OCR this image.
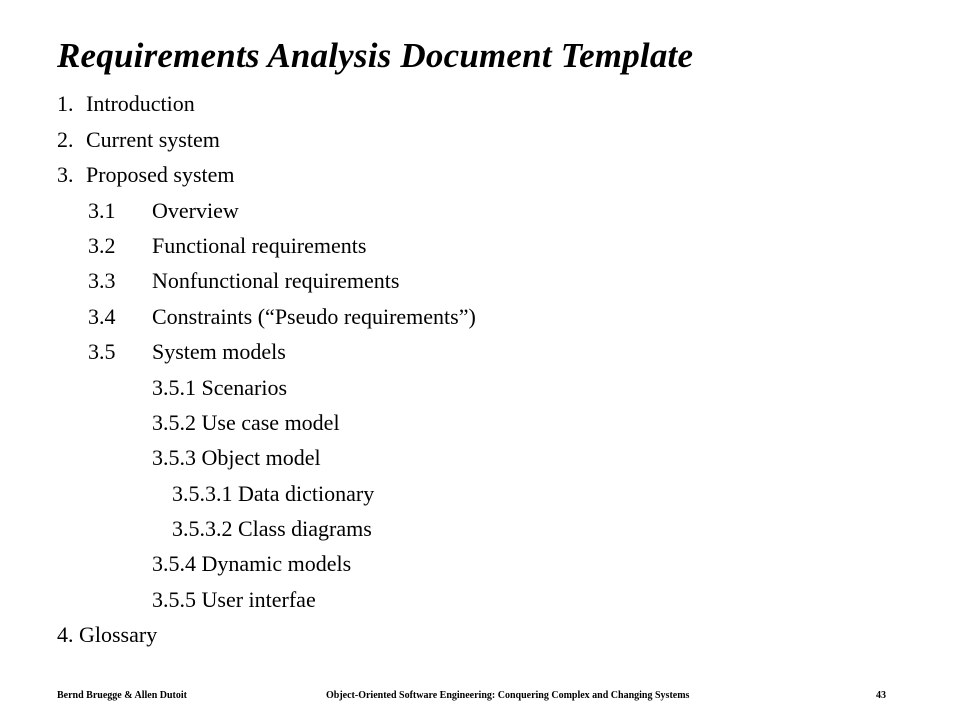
Requirements Analysis Document Template
1. Introduction
2. Current system
3. Proposed system
3.1 Overview
3.2 Functional requirements
3.3 Nonfunctional requirements
3.4 Constraints (“Pseudo requirements”)
3.5 System models
3.5.1 Scenarios
3.5.2 Use case model
3.5.3 Object model
3.5.3.1 Data dictionary
3.5.3.2 Class diagrams
3.5.4 Dynamic models
3.5.5 User interfae
4. Glossary
Bernd Bruegge & Allen Dutoit	Object-Oriented Software Engineering: Conquering Complex and Changing Systems	43
